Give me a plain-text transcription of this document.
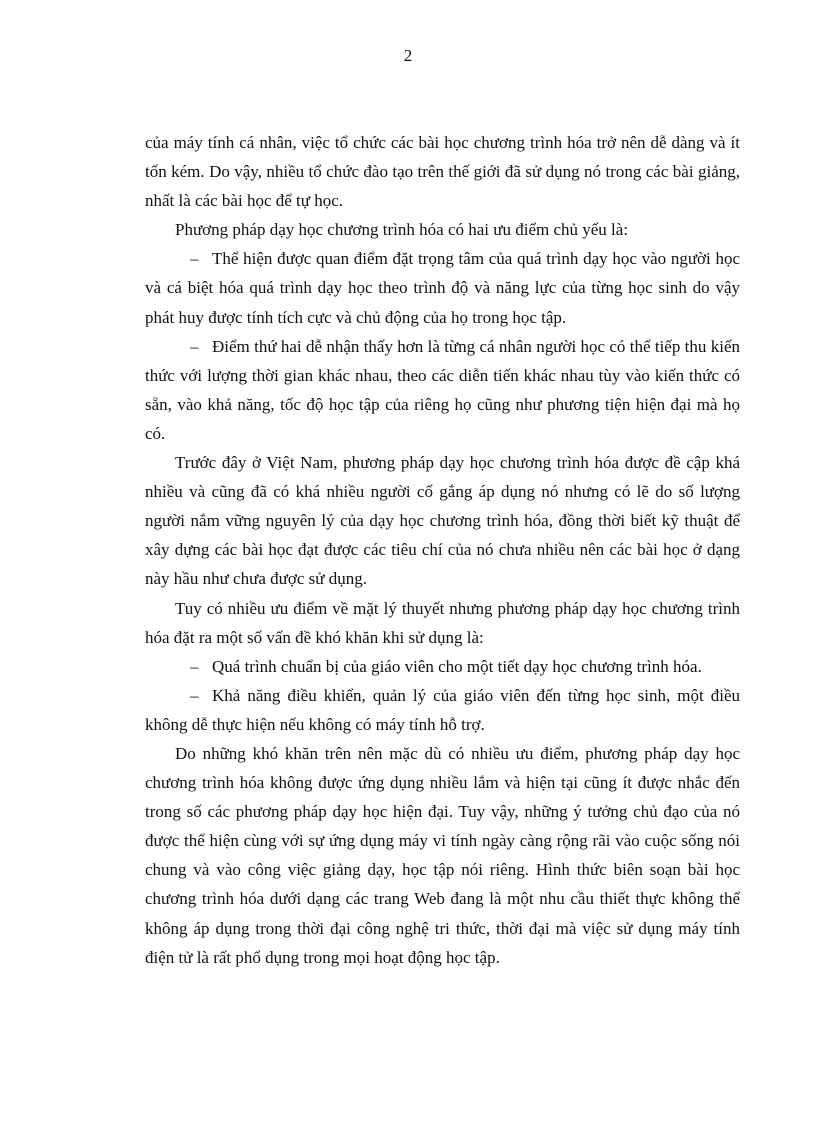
2

của máy tính cá nhân, việc tổ chức các bài học chương trình hóa trở nên dễ dàng và ít tốn kém. Do vậy, nhiều tổ chức đào tạo trên thế giới đã sử dụng nó trong các bài giảng, nhất là các bài học để tự học.

Phương pháp dạy học chương trình hóa có hai ưu điểm chủ yếu là:

– Thể hiện được quan điểm đặt trọng tâm của quá trình dạy học vào người học và cá biệt hóa quá trình dạy học theo trình độ và năng lực của từng học sinh do vậy phát huy được tính tích cực và chủ động của họ trong học tập.

– Điểm thứ hai dễ nhận thấy hơn là từng cá nhân người học có thể tiếp thu kiến thức với lượng thời gian khác nhau, theo các diễn tiến khác nhau tùy vào kiến thức có sẵn, vào khả năng, tốc độ học tập của riêng họ cũng như phương tiện hiện đại mà họ có.

Trước đây ở Việt Nam, phương pháp dạy học chương trình hóa được đề cập khá nhiều và cũng đã có khá nhiều người cố gắng áp dụng nó nhưng có lẽ do số lượng người nắm vững nguyên lý của dạy học chương trình hóa, đồng thời biết kỹ thuật để xây dựng các bài học đạt được các tiêu chí của nó chưa nhiều nên các bài học ở dạng này hầu như chưa được sử dụng.

Tuy có nhiều ưu điểm về mặt lý thuyết nhưng phương pháp dạy học chương trình hóa đặt ra một số vấn đề khó khăn khi sử dụng là:

– Quá trình chuẩn bị của giáo viên cho một tiết dạy học chương trình hóa.

– Khả năng điều khiển, quản lý của giáo viên đến từng học sinh, một điều không dễ thực hiện nếu không có máy tính hỗ trợ.

Do những khó khăn trên nên mặc dù có nhiều ưu điểm, phương pháp dạy học chương trình hóa không được ứng dụng nhiều lắm và hiện tại cũng ít được nhắc đến trong số các phương pháp dạy học hiện đại. Tuy vậy, những ý tưởng chủ đạo của nó được thể hiện cùng với sự ứng dụng máy vi tính ngày càng rộng rãi vào cuộc sống nói chung và vào công việc giảng dạy, học tập nói riêng. Hình thức biên soạn bài học chương trình hóa dưới dạng các trang Web đang là một nhu cầu thiết thực không thể không áp dụng trong thời đại công nghệ tri thức, thời đại mà việc sử dụng máy tính điện tử là rất phổ dụng trong mọi hoạt động học tập.
